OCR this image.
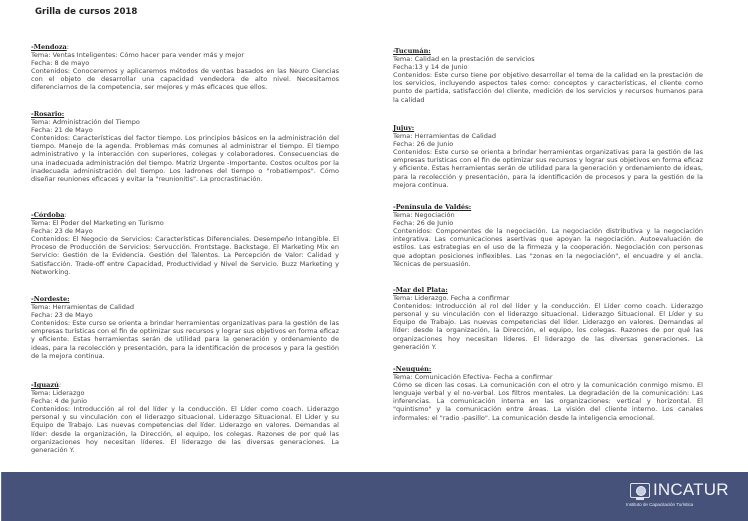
Grilla de cursos 2018

-Mendoza:

Tema: Ventas Inteligentes: Cómo hacer para vender más y mejor

Fecha: 8 de mayo

Contenidos: Conoceremos y aplicaremos métodos de ventas basados en las Neuro Ciencias con el objeto de desarrollar una capacidad vendedora de alto nivel. Necesitamos diferenciarnos de la competencia, ser mejores y más eficaces que ellos.

-Rosario:

Tema: Administración del Tiempo

Fecha: 21 de Mayo

Contenidos: Características del factor tiempo. Los principios básicos en la administración del tiempo. Manejo de la agenda. Problemas más comunes al administrar el tiempo. El tiempo administrativo y la interacción con superiores, colegas y colaboradores. Consecuencias de una inadecuada administración del tiempo. Matriz Urgente -Importante. Costos ocultos por la inadecuada administración del tiempo. Los ladrones del tiempo o "robatiempos". Cómo diseñar reuniones eficaces y evitar la "reunionitis". La procrastinación.

-Córdoba:

Tema: El Poder del Marketing en Turismo

Fecha: 23 de Mayo

Contenidos: El Negocio de Servicios: Características Diferenciales. Desempeño Intangible. El Proceso de Producción de Servicios: Servucción. Frontstage. Backstage. El Marketing Mix en Servicio: Gestión de la Evidencia. Gestión del Talentos. La Percepción de Valor: Calidad y Satisfacción. Trade-off entre Capacidad, Productividad y Nivel de Servicio. Buzz Marketing y Networking.

-Nordeste:

Tema: Herramientas de Calidad

Fecha: 23 de Mayo

Contenidos: Este curso se orienta a brindar herramientas organizativas para la gestión de las empresas turísticas con el fin de optimizar sus recursos y lograr sus objetivos en forma eficaz y eficiente. Estas herramientas serán de utilidad para la generación y ordenamiento de ideas, para la recolección y presentación, para la identificación de procesos y para la gestión de la mejora continua.

-Iguazú:

Tema: Liderazgo

Fecha: 4 de Junio

Contenidos: Introducción al rol del líder y la conducción. El Líder como coach. Liderazgo personal y su vinculación con el liderazgo situacional. Liderazgo Situacional. El Líder y su Equipo de Trabajo. Las nuevas competencias del líder. Liderazgo en valores. Demandas al líder: desde la organización, la Dirección, el equipo, los colegas. Razones de por qué las organizaciones hoy necesitan líderes. El liderazgo de las diversas generaciones. La generación Y.

-Tucumán:

Tema: Calidad en la prestación de servicios

Fecha:13 y 14 de Junio

Contenidos: Este curso tiene por objetivo desarrollar el tema de la calidad en la prestación de los servicios, incluyendo aspectos tales como: conceptos y características, el cliente como punto de partida, satisfacción del cliente, medición de los servicios y recursos humanos para la calidad

Jujuy:

Tema: Herramientas de Calidad

Fecha: 26 de Junio

Contenidos: Este curso se orienta a brindar herramientas organizativas para la gestión de las empresas turísticas con el fin de optimizar sus recursos y lograr sus objetivos en forma eficaz y eficiente. Estas herramientas serán de utilidad para la generación y ordenamiento de ideas, para la recolección y presentación, para la identificación de procesos y para la gestión de la mejora continua.

-Península de Valdés:

Tema: Negociación

Fecha: 26 de Junio

Contenidos: Componentes de la negociación. La negociación distributiva y la negociación integrativa. Las comunicaciones asertivas que apoyan la negociación. Autoevaluación de estilos. Las estrategias en el uso de la firmeza y la cooperación. Negociación con personas que adoptan posiciones inflexibles. Las "zonas en la negociación", el encuadre y el ancla. Técnicas de persuasión.

-Mar del Plata:

Tema: Liderazgo. Fecha a confirmar

Contenidos: Introducción al rol del líder y la conducción. El Líder como coach. Liderazgo personal y su vinculación con el liderazgo situacional. Liderazgo Situacional. El Líder y su Equipo de Trabajo. Las nuevas competencias del líder. Liderazgo en valores. Demandas al líder: desde la organización, la Dirección, el equipo, los colegas. Razones de por qué las organizaciones hoy necesitan líderes. El liderazgo de las diversas generaciones. La generación Y.

-Neuquén:

Tema: Comunicación Efectiva- Fecha a confirmar

Cómo se dicen las cosas. La comunicación con el otro y la comunicación conmigo mismo. El lenguaje verbal y el no-verbal. Los filtros mentales. La degradación de la comunicación: Las inferencias. La comunicación interna en las organizaciones: vertical y horizontal. El "quintismo" y la comunicación entre áreas. La visión del cliente interno. Los canales informales: el "radio -pasillo". La comunicación desde la inteligencia emocional.

INCATUR
Instituto de Capacitación Turística
